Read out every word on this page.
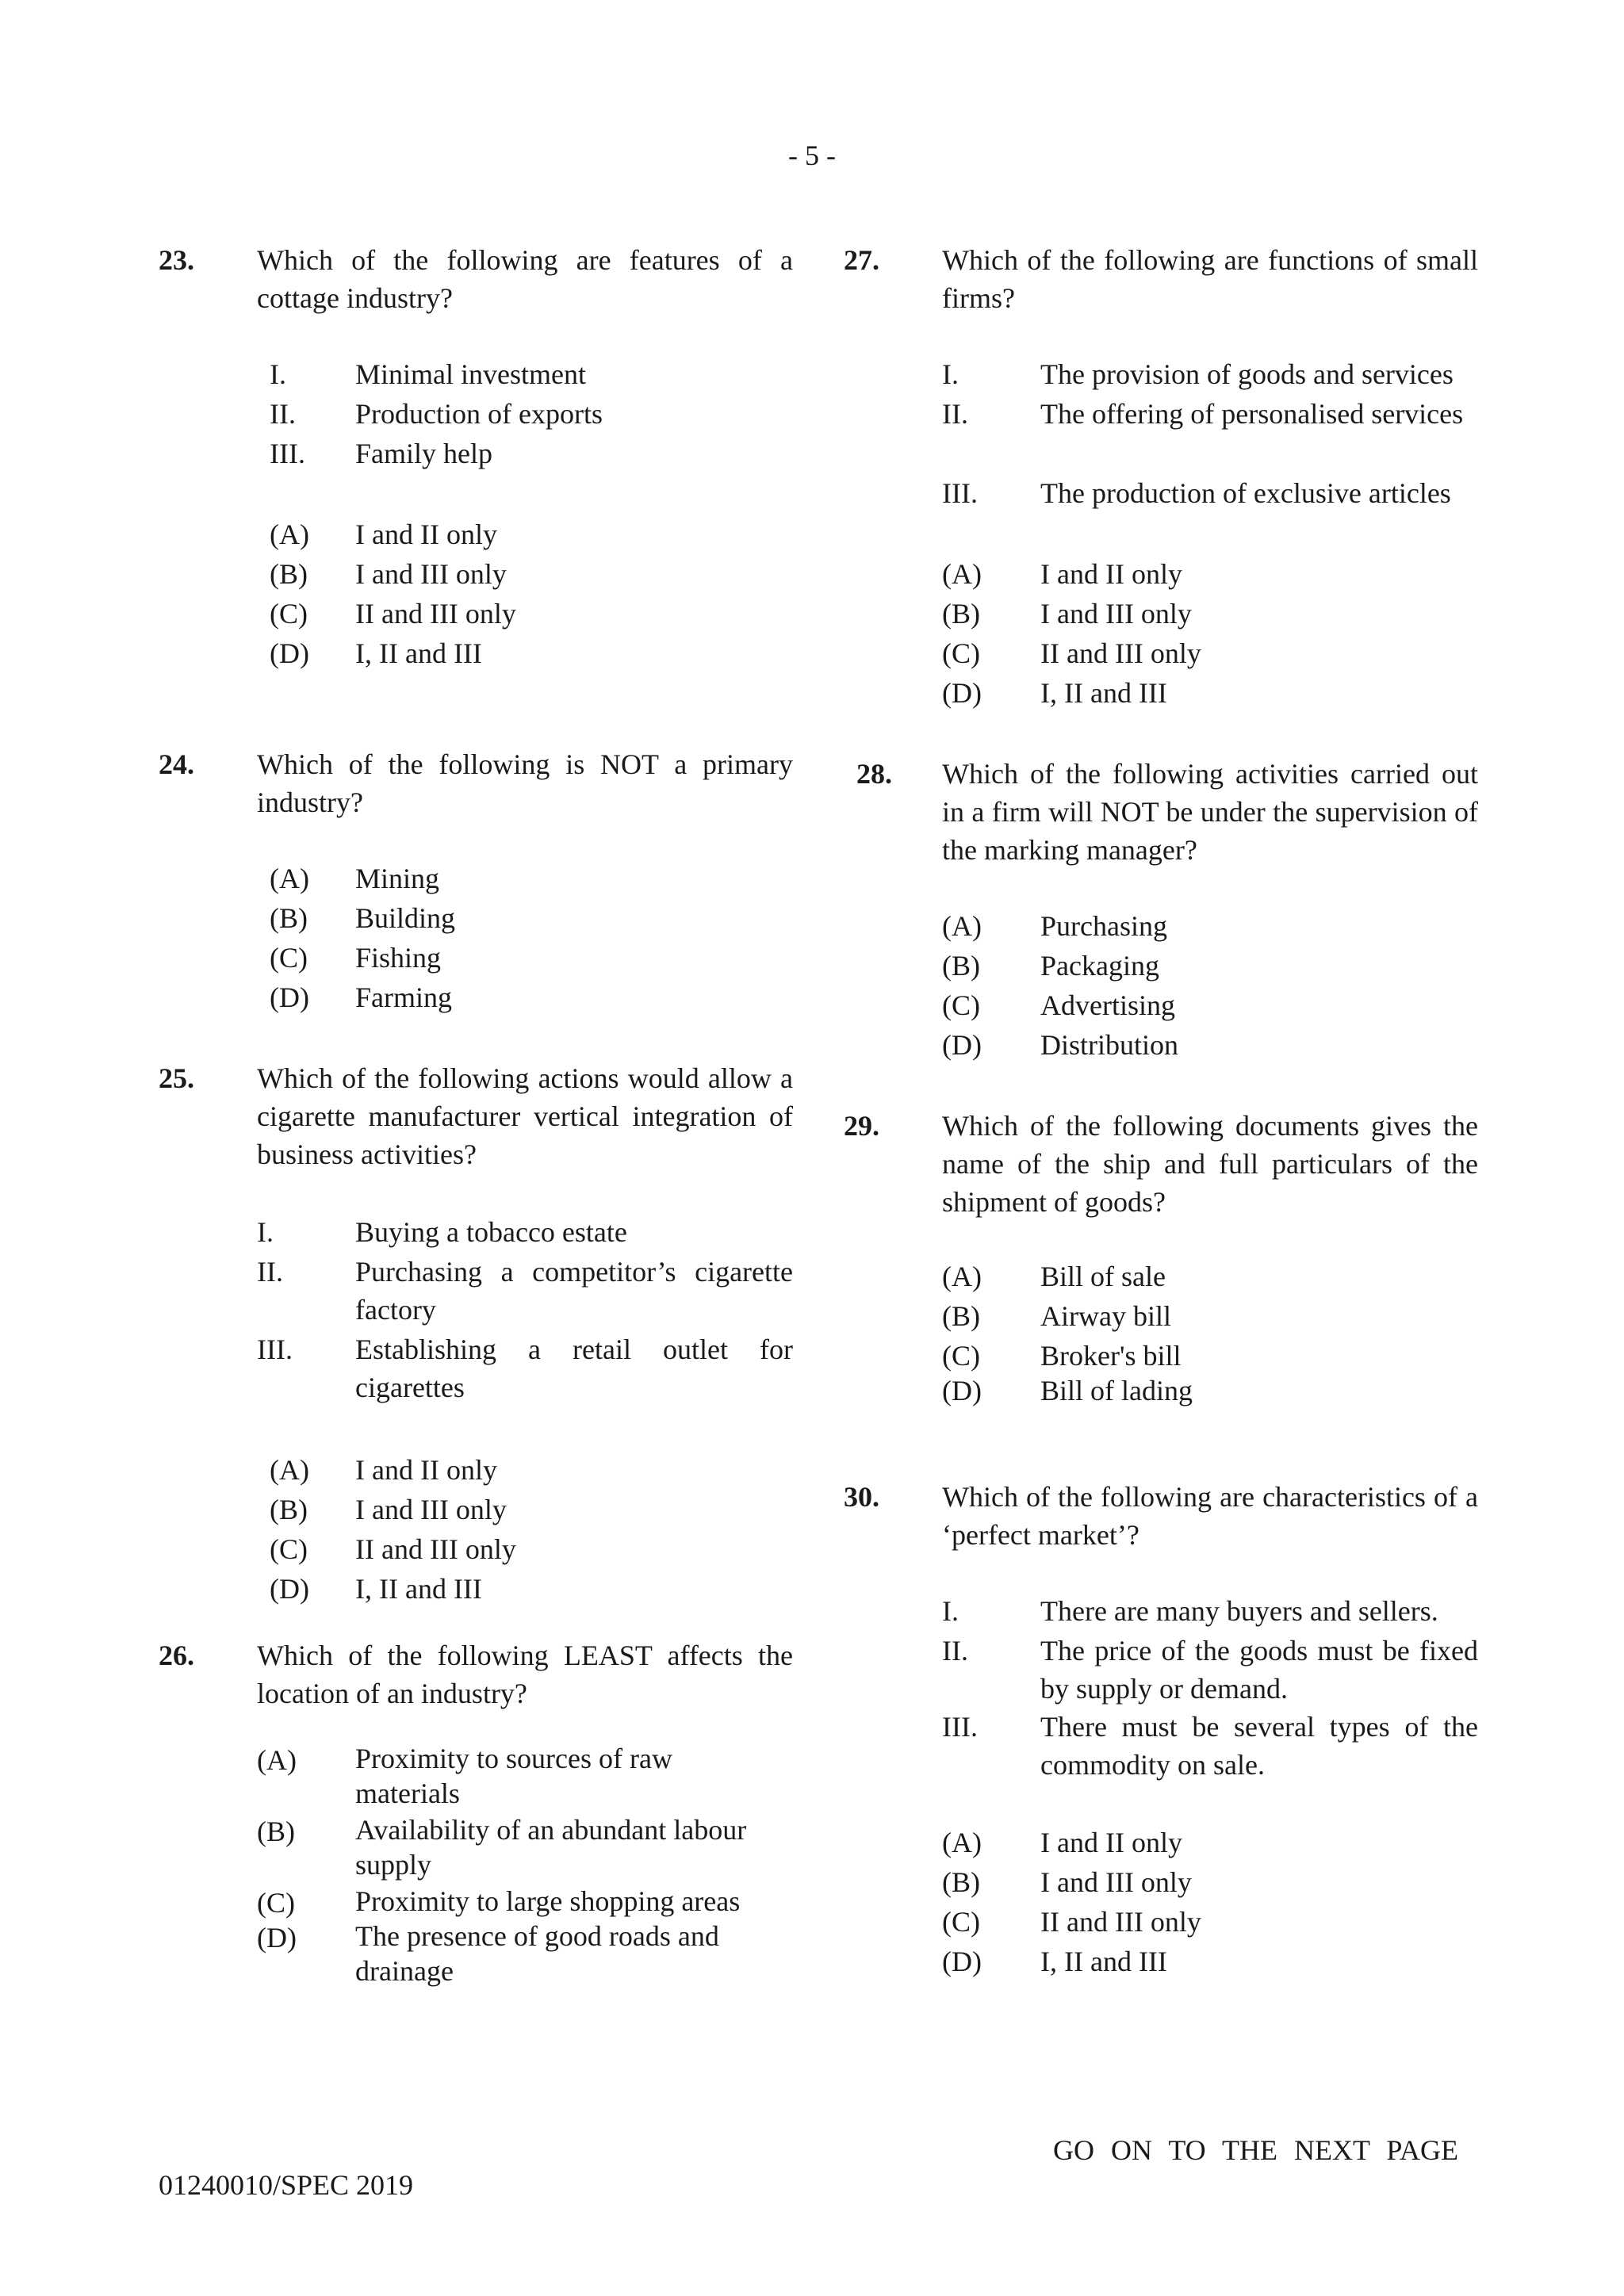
- 5 -
23. Which of the following are features of a cottage industry?
I. Minimal investment
II. Production of exports
III. Family help
(A) I and II only
(B) I and III only
(C) II and III only
(D) I, II and III
24. Which of the following is NOT a primary industry?
(A) Mining
(B) Building
(C) Fishing
(D) Farming
25. Which of the following actions would allow a cigarette manufacturer vertical integration of business activities?
I.	Buying a tobacco estate
II.	Purchasing a competitor’s cigarette factory
III. Establishing a retail outlet for cigarettes
(A) I and II only
(B) I and III only
(C) II and III only
(D) I, II and III
26. Which of the following LEAST affects the location of an industry?
(A) Proximity to sources of raw materials
(B) Availability of an abundant labour supply
(C) Proximity to large shopping areas
(D) The presence of good roads and drainage
27. Which of the following are functions of small firms?
I.	The provision of goods and services
II.	The offering of personalised services
III. The production of exclusive articles
(A) I and II only
(B) I and III only
(C) II and III only
(D) I, II and III
28. Which of the following activities carried out in a firm will NOT be under the supervision of the marking manager?
(A) Purchasing
(B) Packaging
(C) Advertising
(D) Distribution
29.	Which of the following documents gives the name of the ship and full particulars of the shipment of goods?
(A) Bill of sale
(B) Airway bill
(C) Broker's bill
(D) Bill of lading
30. Which of the following are characteristics of a ‘perfect market’?
I.	There are many buyers and sellers.
II.	The price of the goods must be fixed by supply or demand.
III. There must be several types of the commodity on sale.
(A) I and II only
(B) I and III only
(C) II and III only
(D) I, II and III
GO ON TO THE NEXT PAGE
01240010/SPEC 2019
